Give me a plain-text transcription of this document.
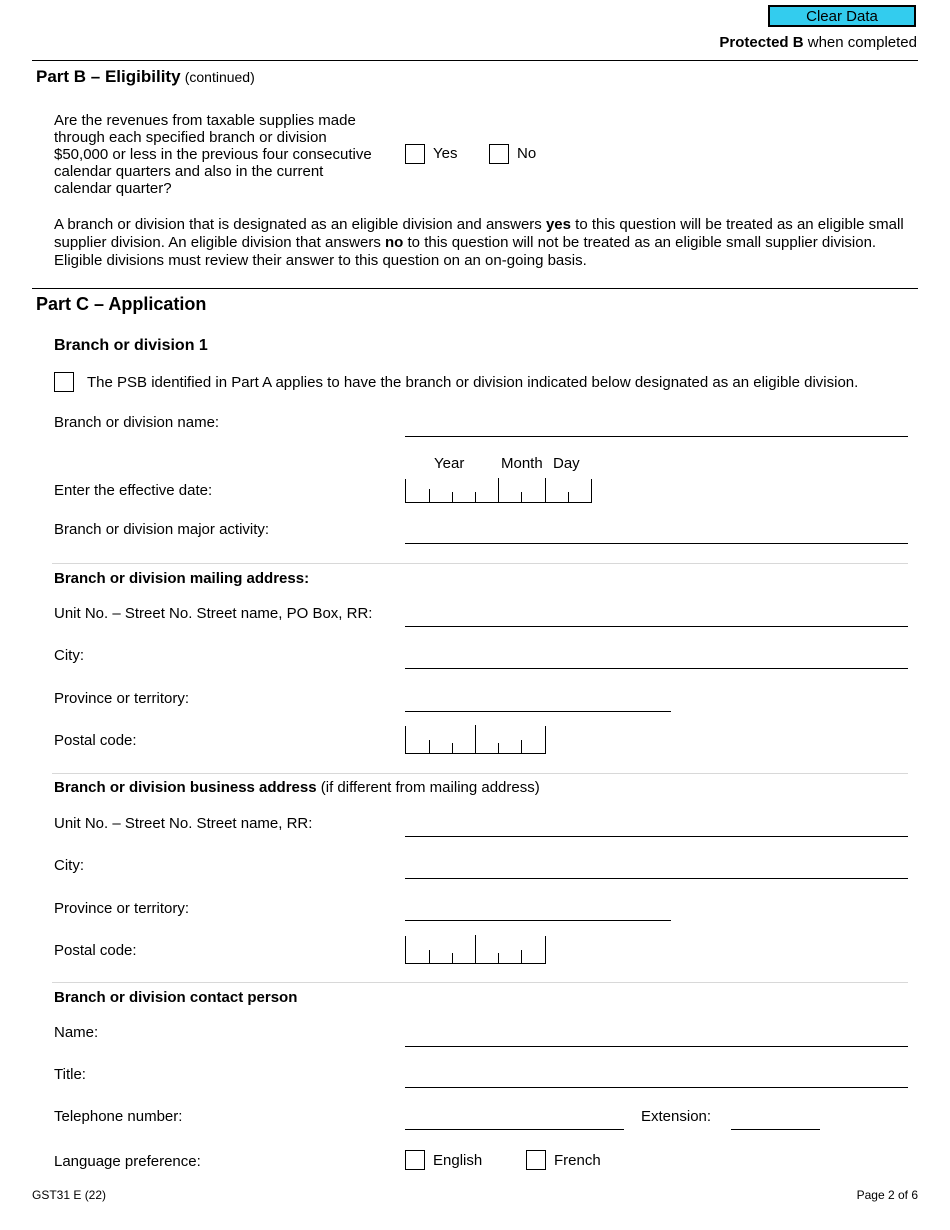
Clear Data
Protected B when completed
Part B – Eligibility (continued)
Are the revenues from taxable supplies made
through each specified branch or division
$50,000 or less in the previous four consecutive
calendar quarters and also in the current
calendar quarter?
Yes	No
A branch or division that is designated as an eligible division and answers yes to this question will be treated as an eligible small supplier division. An eligible division that answers no to this question will not be treated as an eligible small supplier division. Eligible divisions must review their answer to this question on an on-going basis.
Part C – Application
Branch or division 1
The PSB identified in Part A applies to have the branch or division indicated below designated as an eligible division.
Branch or division name:
Year Month Day
Enter the effective date:
Branch or division major activity:
Branch or division mailing address:
Unit No. – Street No. Street name, PO Box, RR:
City:
Province or territory:
Postal code:
Branch or division business address (if different from mailing address)
Unit No. – Street No. Street name, RR:
City:
Province or territory:
Postal code:
Branch or division contact person
Name:
Title:
Telephone number:	Extension:
Language preference:	English	French
GST31 E (22)	Page 2 of 6
